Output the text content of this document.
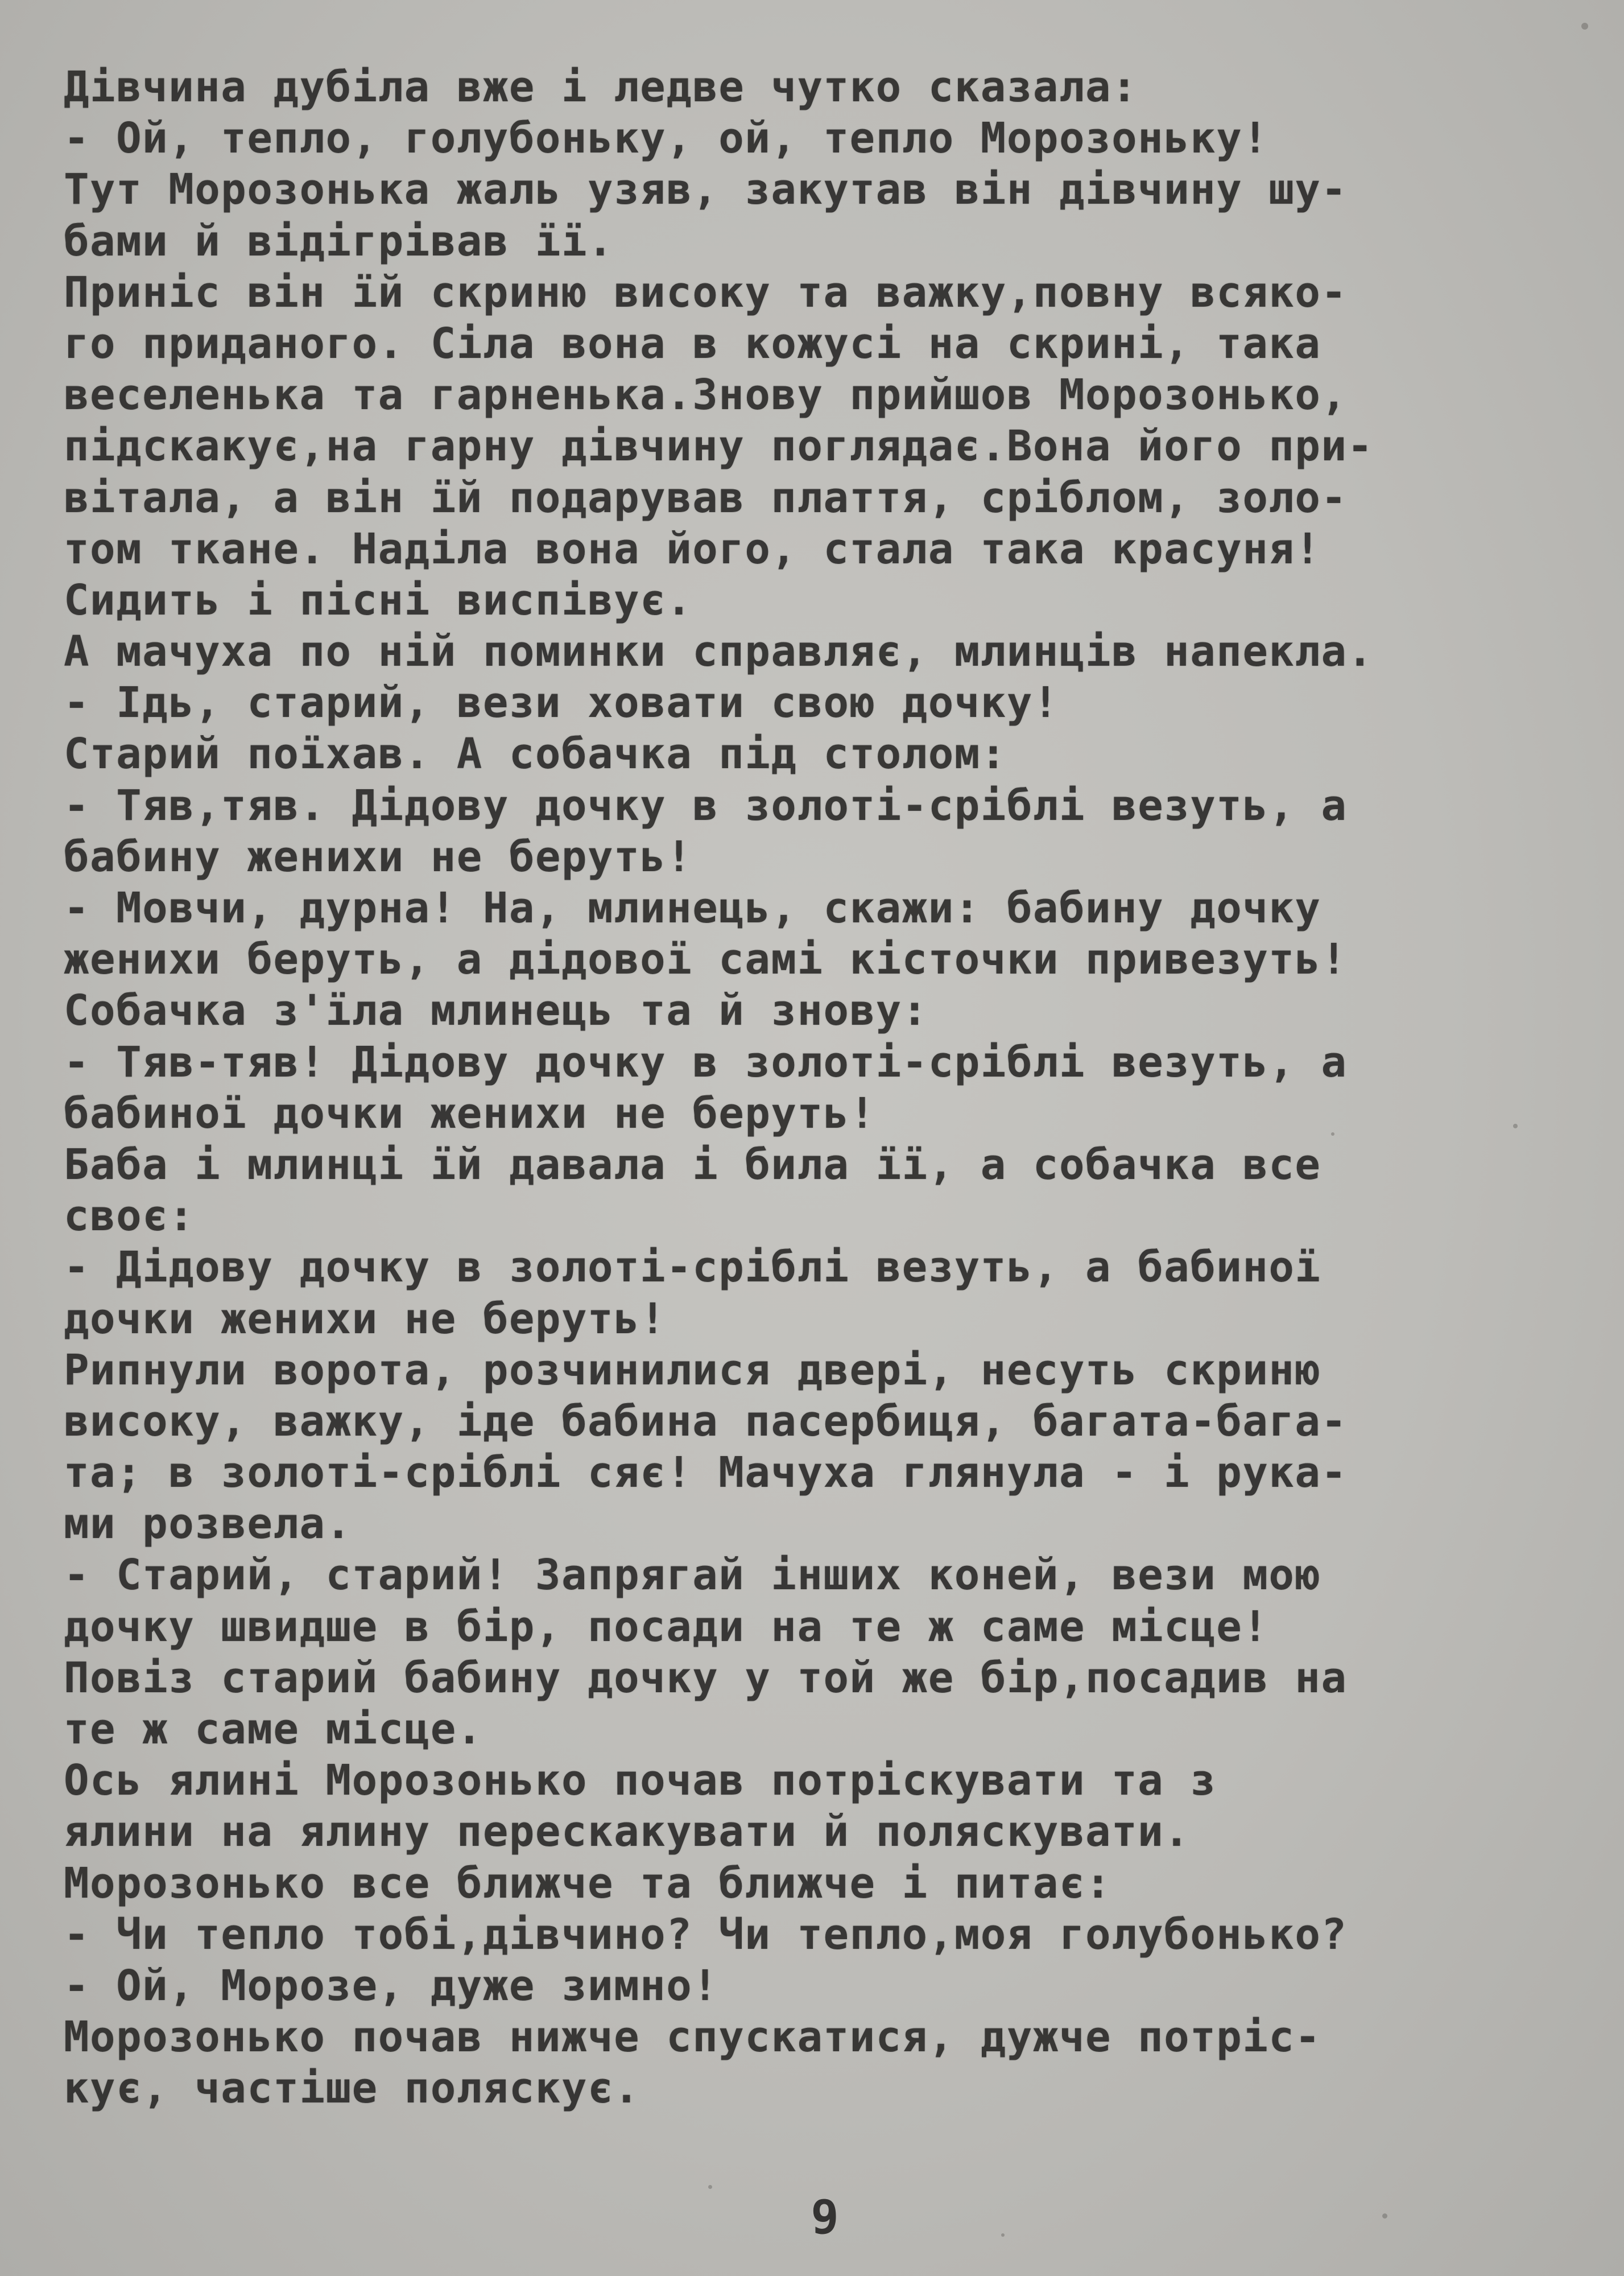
Дівчина дубіла вже і ледве чутко сказала:
- Ой, тепло, голубоньку, ой, тепло Морозоньку!
Тут Морозонька жаль узяв, закутав він дівчину шу-
бами й відігрівав її.
Приніс він їй скриню високу та важку,повну всяко-
го приданого. Сіла вона в кожусі на скрині, така
веселенька та гарненька.Знову прийшов Морозонько,
підскакує,на гарну дівчину поглядає.Вона його при-
вітала, а він їй подарував плаття, сріблом, золо-
том ткане. Наділа вона його, стала така красуня!
Сидить і пісні виспівує.
А мачуха по ній поминки справляє, млинців напекла.
- Ідь, старий, вези ховати свою дочку!
Старий поїхав. А собачка під столом:
- Тяв,тяв. Дідову дочку в золоті-сріблі везуть, а
бабину женихи не беруть!
- Мовчи, дурна! На, млинець, скажи: бабину дочку
женихи беруть, а дідової самі кісточки привезуть!
Собачка з'їла млинець та й знову:
- Тяв-тяв! Дідову дочку в золоті-сріблі везуть, а
бабиної дочки женихи не беруть!
Баба і млинці їй давала і била її, а собачка все
своє:
- Дідову дочку в золоті-сріблі везуть, а бабиної
дочки женихи не беруть!
Рипнули ворота, розчинилися двері, несуть скриню
високу, важку, іде бабина пасербиця, багата-бага-
та; в золоті-сріблі сяє! Мачуха глянула - і рука-
ми розвела.
- Старий, старий! Запрягай інших коней, вези мою
дочку швидше в бір, посади на те ж саме місце!
Повіз старий бабину дочку у той же бір,посадив на
те ж саме місце.
Ось ялині Морозонько почав потріскувати та з
ялини на ялину перескакувати й поляскувати.
Морозонько все ближче та ближче і питає:
- Чи тепло тобі,дівчино? Чи тепло,моя голубонько?
- Ой, Морозе, дуже зимно!
Морозонько почав нижче спускатися, дужче потріс-
кує, частіше поляскує.
9
